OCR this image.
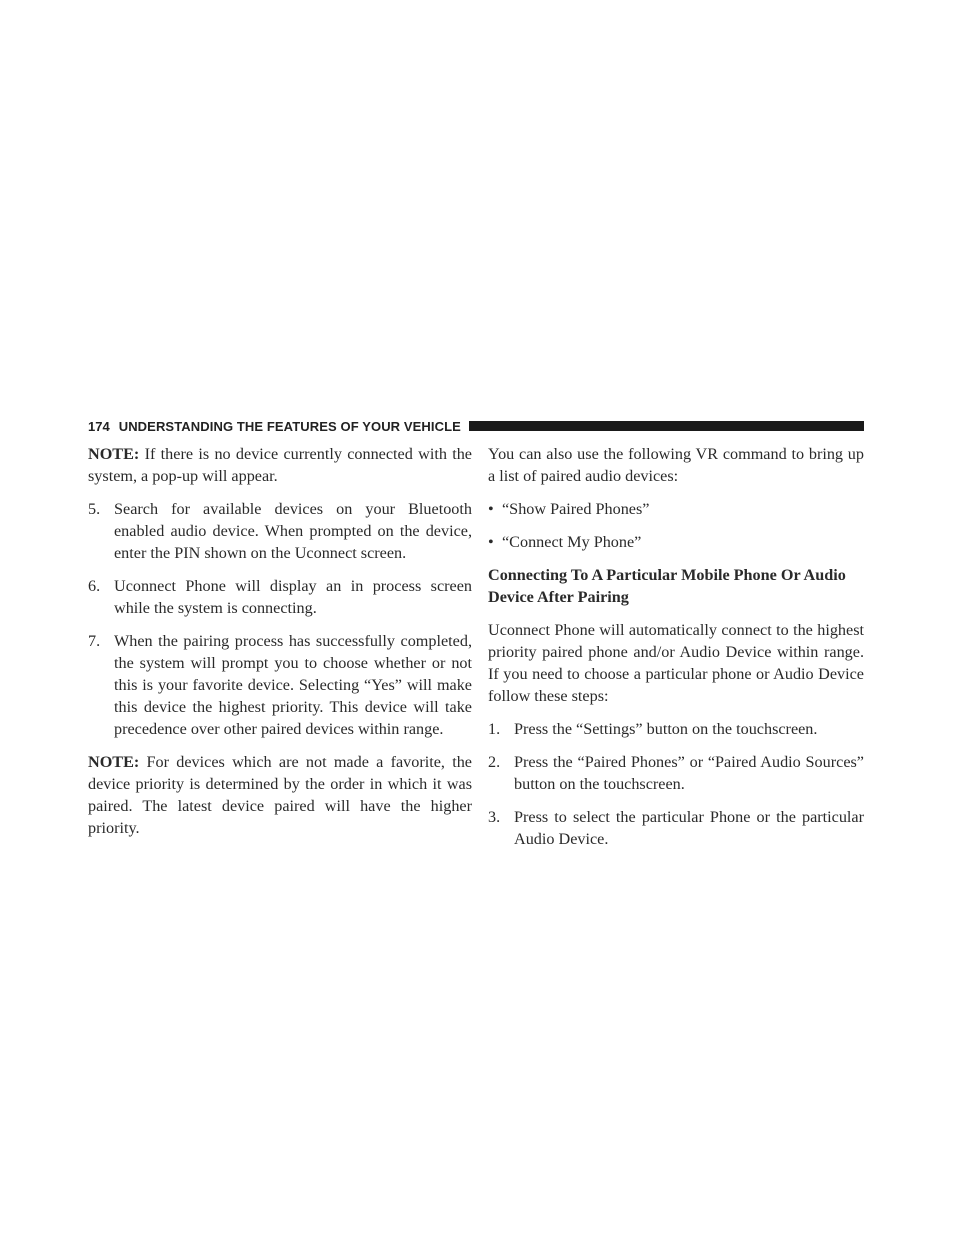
174 UNDERSTANDING THE FEATURES OF YOUR VEHICLE

NOTE: If there is no device currently connected with the system, a pop-up will appear.

5. Search for available devices on your Bluetooth enabled audio device. When prompted on the device, enter the PIN shown on the Uconnect screen.
6. Uconnect Phone will display an in process screen while the system is connecting.
7. When the pairing process has successfully completed, the system will prompt you to choose whether or not this is your favorite device. Selecting “Yes” will make this device the highest priority. This device will take precedence over other paired devices within range.

NOTE: For devices which are not made a favorite, the device priority is determined by the order in which it was paired. The latest device paired will have the higher priority.

You can also use the following VR command to bring up a list of paired audio devices:

• “Show Paired Phones”
• “Connect My Phone”

Connecting To A Particular Mobile Phone Or Audio Device After Pairing

Uconnect Phone will automatically connect to the highest priority paired phone and/or Audio Device within range. If you need to choose a particular phone or Audio Device follow these steps:

1. Press the “Settings” button on the touchscreen.
2. Press the “Paired Phones” or “Paired Audio Sources” button on the touchscreen.
3. Press to select the particular Phone or the particular Audio Device.
